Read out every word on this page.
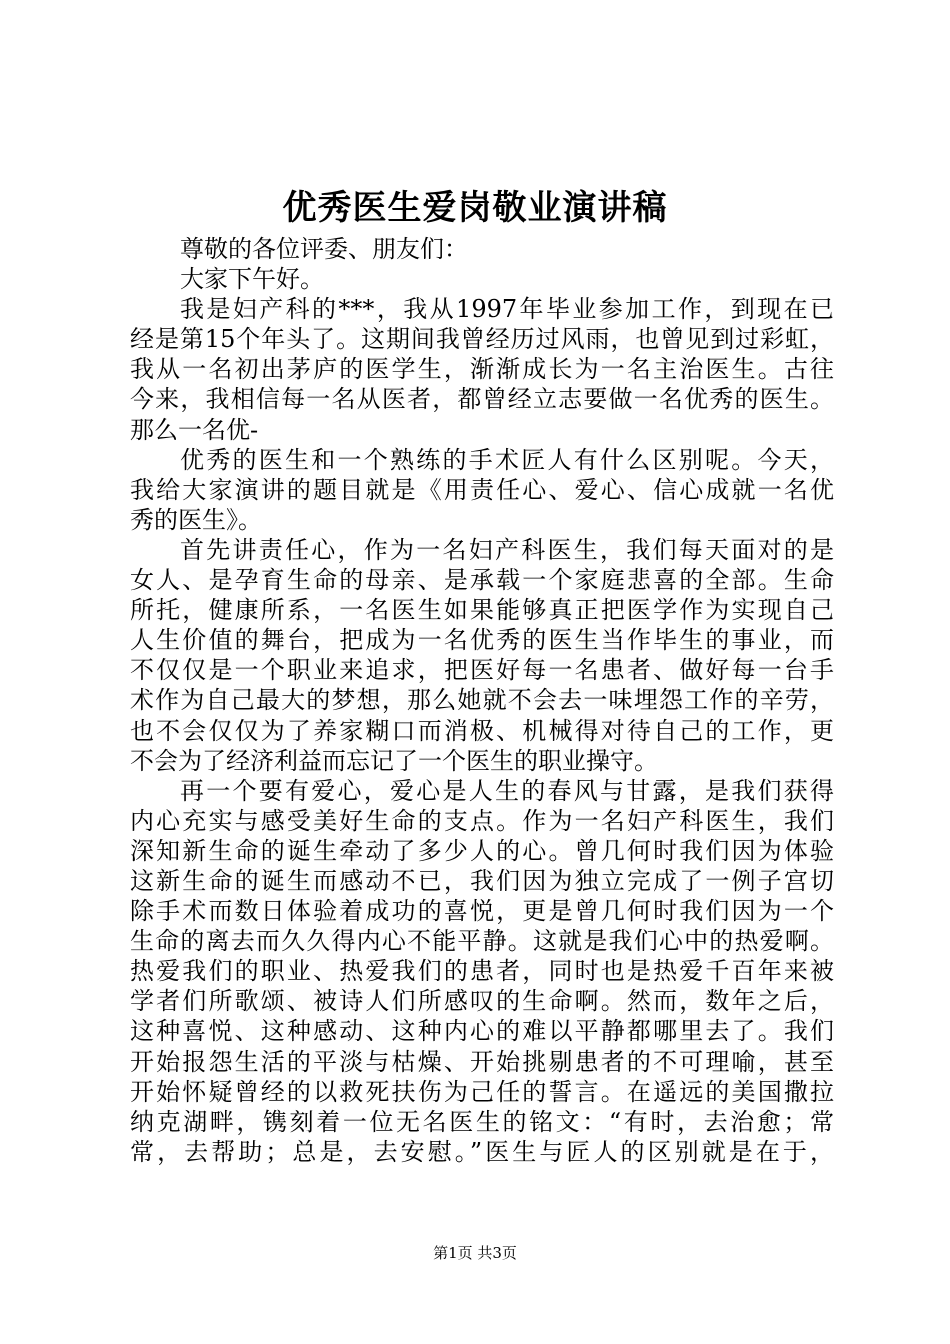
优秀医生爱岗敬业演讲稿
尊敬的各位评委、朋友们：
大家下午好。
我是妇产科的***，我从1997年毕业参加工作，到现在已
经是第15个年头了。这期间我曾经历过风雨，也曾见到过彩虹，
我从一名初出茅庐的医学生，渐渐成长为一名主治医生。古往
今来，我相信每一名从医者，都曾经立志要做一名优秀的医生。
那么一名优-
优秀的医生和一个熟练的手术匠人有什么区别呢。今天，
我给大家演讲的题目就是《用责任心、爱心、信心成就一名优
秀的医生》。
首先讲责任心，作为一名妇产科医生，我们每天面对的是
女人、是孕育生命的母亲、是承载一个家庭悲喜的全部。生命
所托，健康所系，一名医生如果能够真正把医学作为实现自己
人生价值的舞台，把成为一名优秀的医生当作毕生的事业，而
不仅仅是一个职业来追求，把医好每一名患者、做好每一台手
术作为自己最大的梦想，那么她就不会去一味埋怨工作的辛劳，
也不会仅仅为了养家糊口而消极、机械得对待自己的工作，更
不会为了经济利益而忘记了一个医生的职业操守。
再一个要有爱心，爱心是人生的春风与甘露，是我们获得
内心充实与感受美好生命的支点。作为一名妇产科医生，我们
深知新生命的诞生牵动了多少人的心。曾几何时我们因为体验
这新生命的诞生而感动不已，我们因为独立完成了一例子宫切
除手术而数日体验着成功的喜悦，更是曾几何时我们因为一个
生命的离去而久久得内心不能平静。这就是我们心中的热爱啊。
热爱我们的职业、热爱我们的患者，同时也是热爱千百年来被
学者们所歌颂、被诗人们所感叹的生命啊。然而，数年之后，
这种喜悦、这种感动、这种内心的难以平静都哪里去了。我们
开始报怨生活的平淡与枯燥、开始挑剔患者的不可理喻，甚至
开始怀疑曾经的以救死扶伤为己任的誓言。在遥远的美国撒拉
纳克湖畔，镌刻着一位无名医生的铭文：“有时，去治愈；常
常，去帮助；总是，去安慰。”医生与匠人的区别就是在于，
第1页 共3页
